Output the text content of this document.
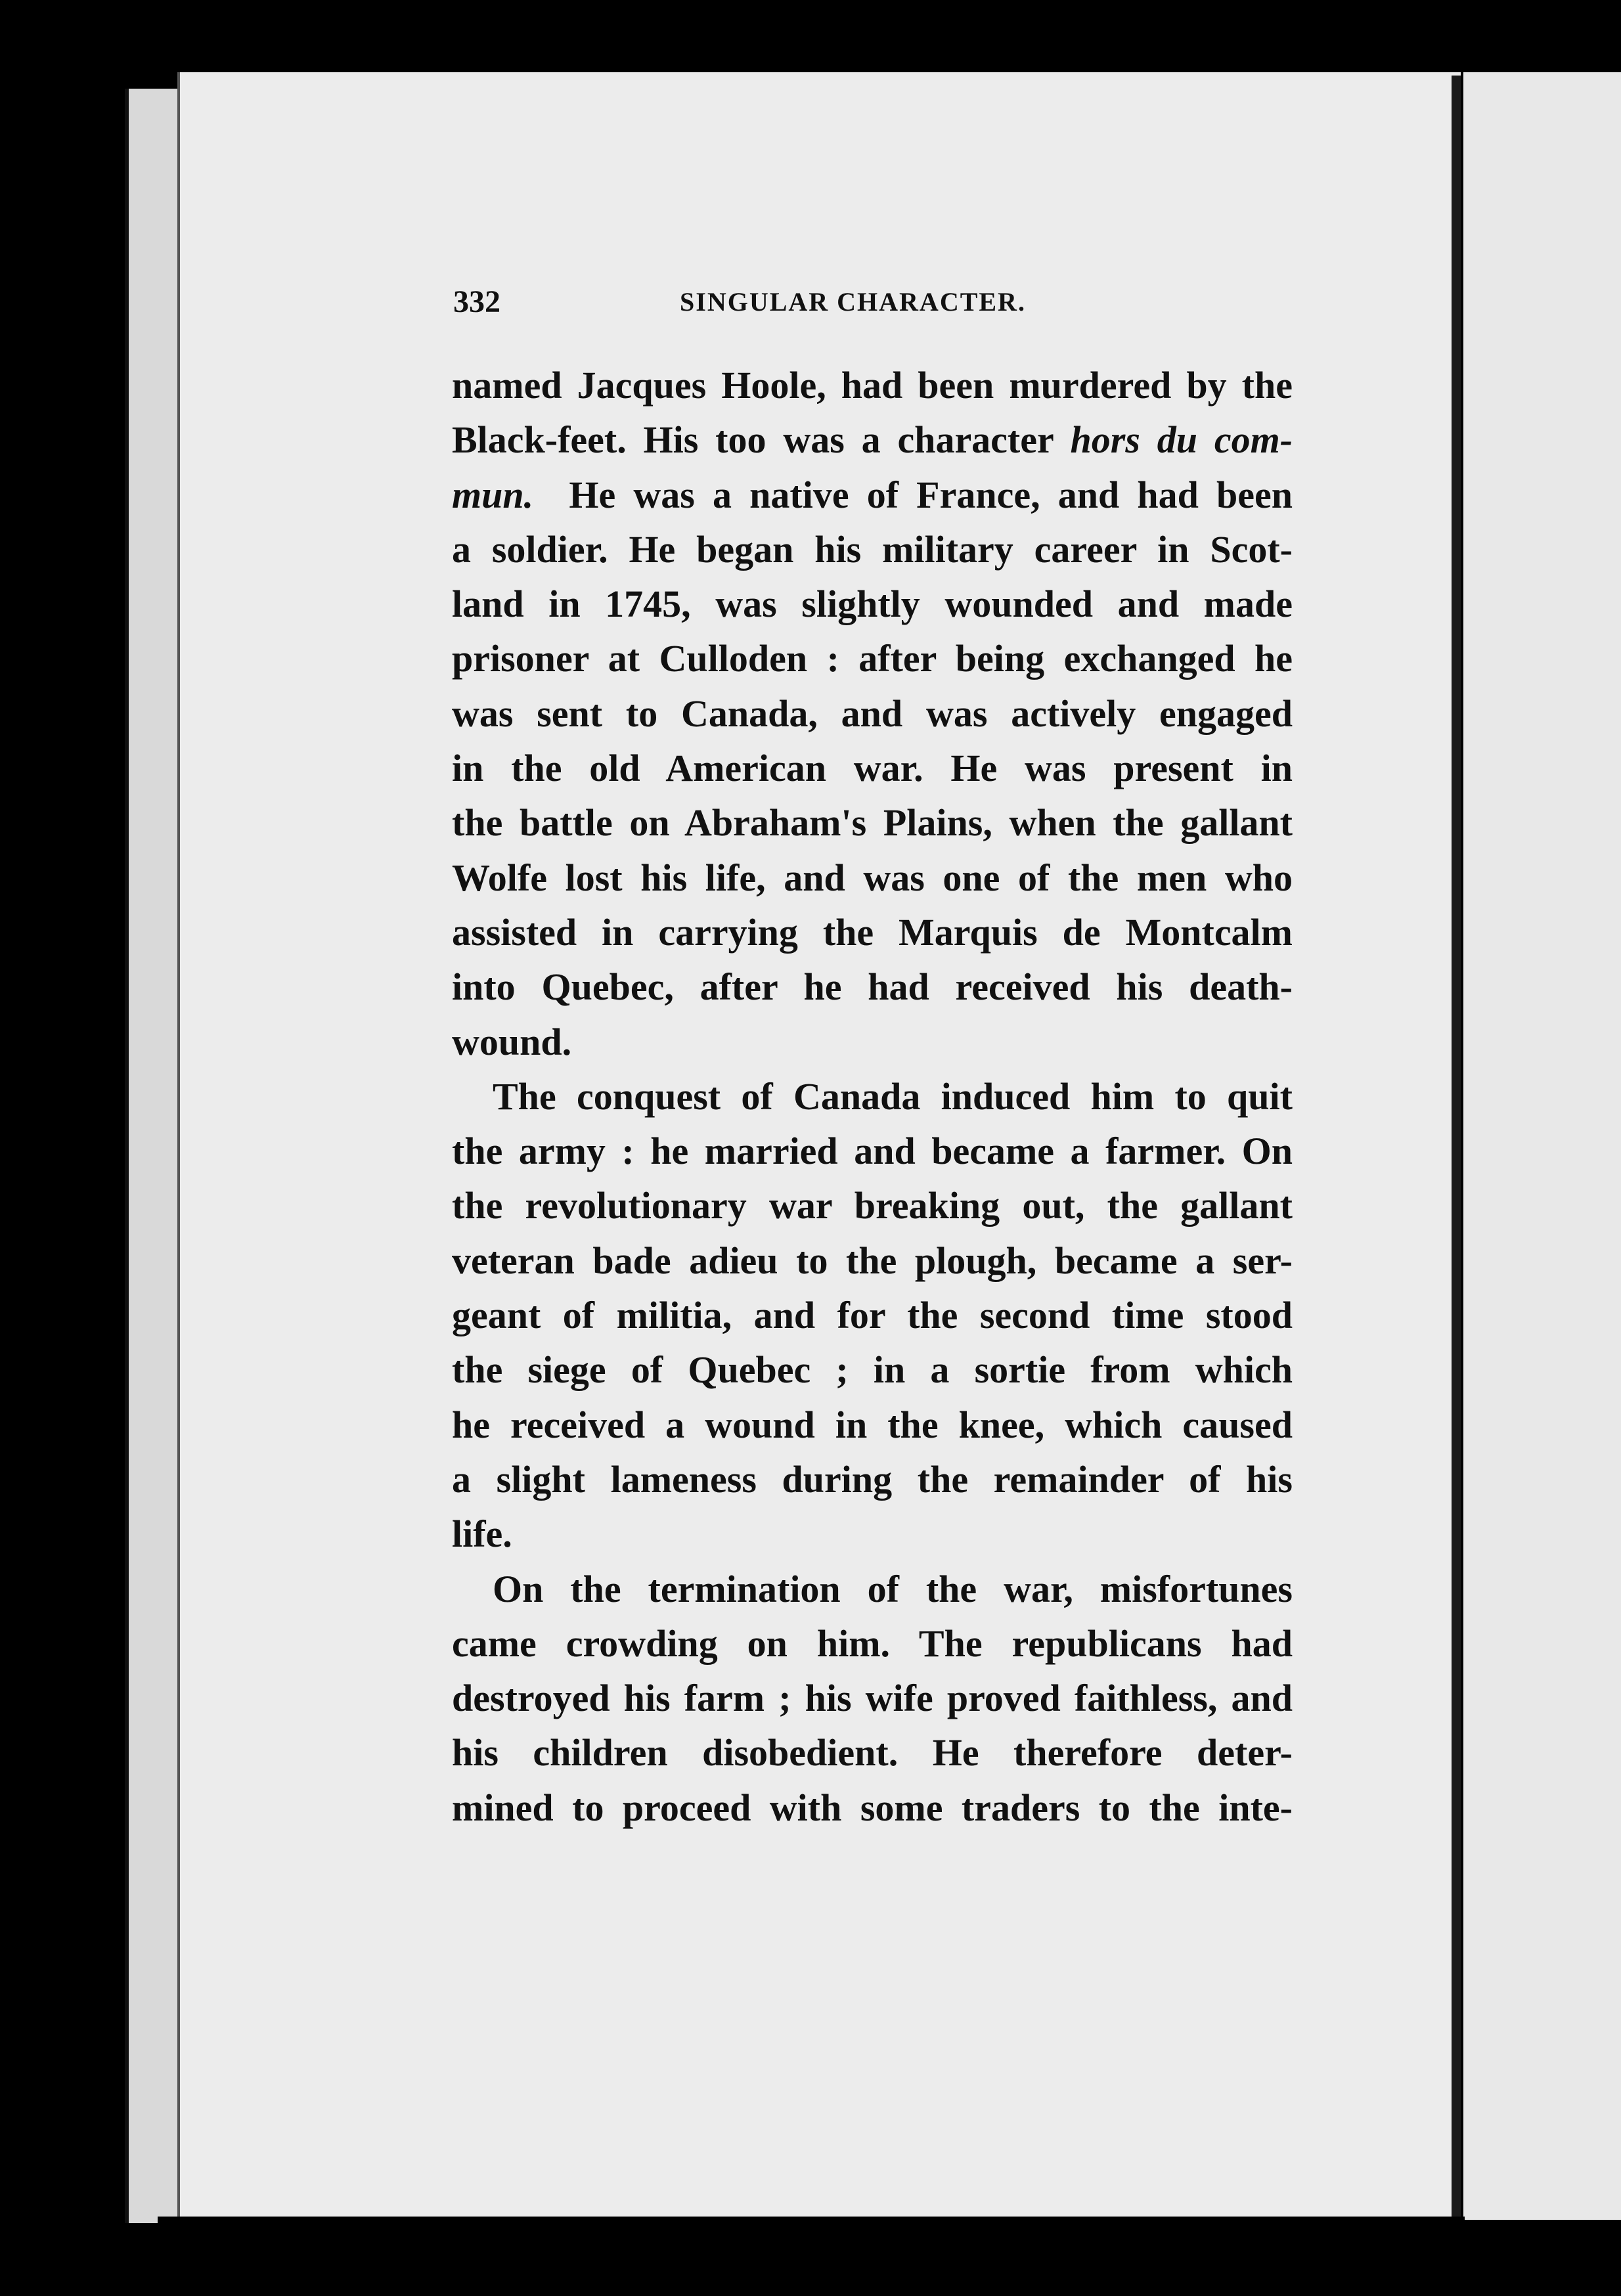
332	SINGULAR CHARACTER.
named Jacques Hoole, had been murdered by the
Black-feet. His too was a character hors du com-
mun. He was a native of France, and had been
a soldier. He began his military career in Scot-
land in 1745, was slightly wounded and made
prisoner at Culloden : after being exchanged he
was sent to Canada, and was actively engaged
in the old American war. He was present in
the battle on Abraham's Plains, when the gallant
Wolfe lost his life, and was one of the men who
assisted in carrying the Marquis de Montcalm
into Quebec, after he had received his death-
wound.
The conquest of Canada induced him to quit
the army : he married and became a farmer. On
the revolutionary war breaking out, the gallant
veteran bade adieu to the plough, became a ser-
geant of militia, and for the second time stood
the siege of Quebec ; in a sortie from which
he received a wound in the knee, which caused
a slight lameness during the remainder of his
life.
On the termination of the war, misfortunes
came crowding on him. The republicans had
destroyed his farm ; his wife proved faithless, and
his children disobedient. He therefore deter-
mined to proceed with some traders to the inte-
